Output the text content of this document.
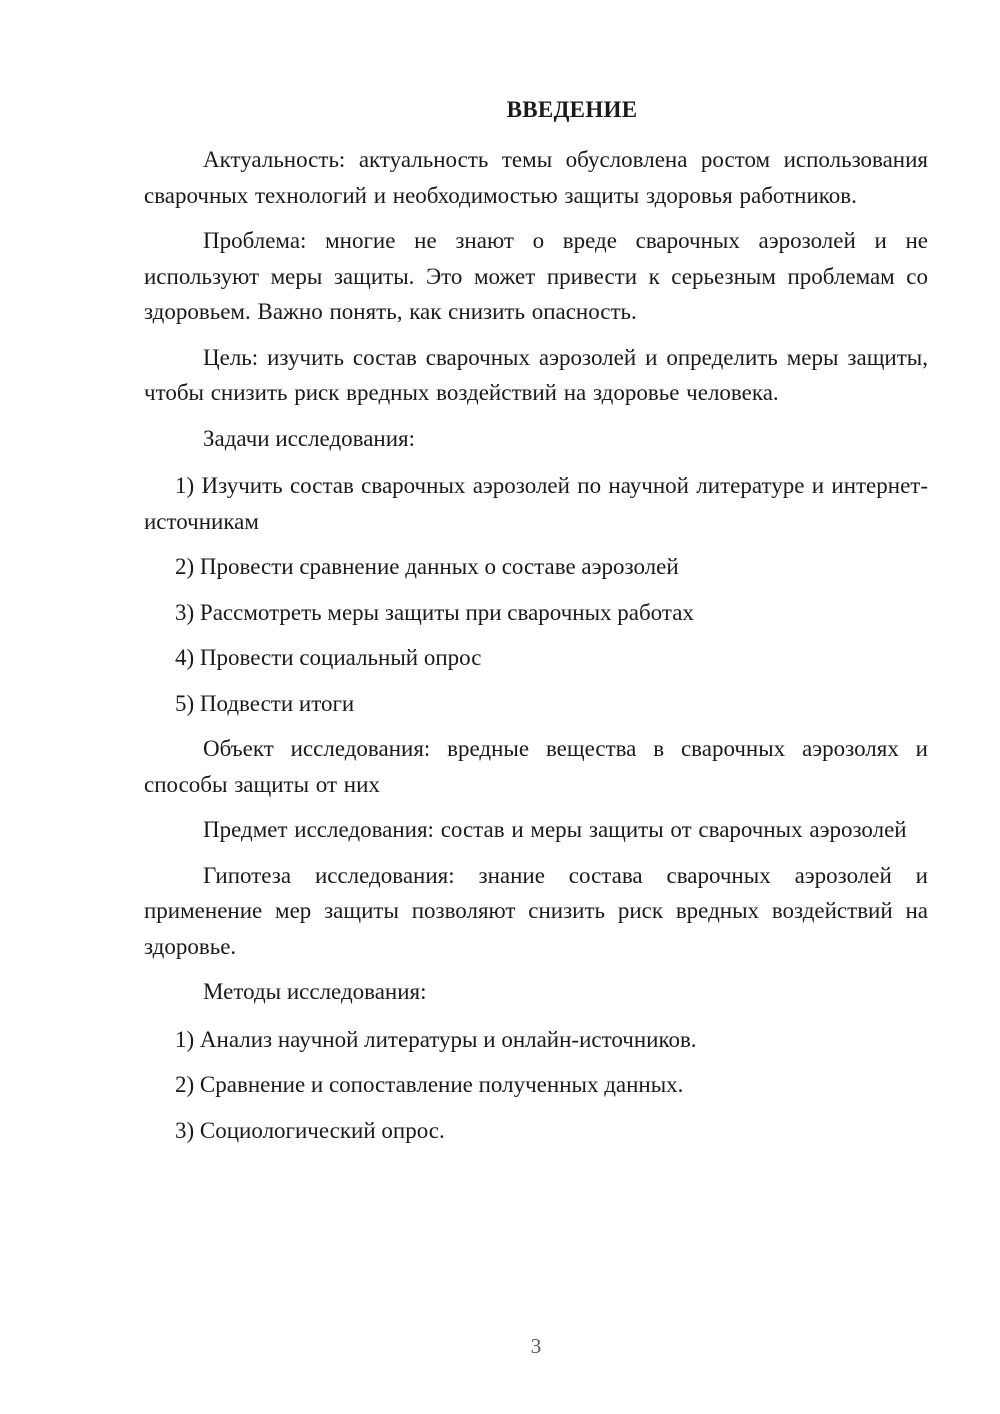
ВВЕДЕНИЕ

Актуальность: актуальность темы обусловлена ростом использования сварочных технологий и необходимостью защиты здоровья работников.

Проблема: многие не знают о вреде сварочных аэрозолей и не используют меры защиты. Это может привести к серьезным проблемам со здоровьем. Важно понять, как снизить опасность.

Цель: изучить состав сварочных аэрозолей и определить меры защиты, чтобы снизить риск вредных воздействий на здоровье человека.

Задачи исследования:

1) Изучить состав сварочных аэрозолей по научной литературе и интернет-источникам

2) Провести сравнение данных о составе аэрозолей

3) Рассмотреть меры защиты при сварочных работах

4) Провести социальный опрос

5) Подвести итоги

Объект исследования: вредные вещества в сварочных аэрозолях и способы защиты от них

Предмет исследования: состав и меры защиты от сварочных аэрозолей

Гипотеза исследования: знание состава сварочных аэрозолей и применение мер защиты позволяют снизить риск вредных воздействий на здоровье.

Методы исследования:

1) Анализ научной литературы и онлайн-источников.

2) Сравнение и сопоставление полученных данных.

3) Социологический опрос.

3
